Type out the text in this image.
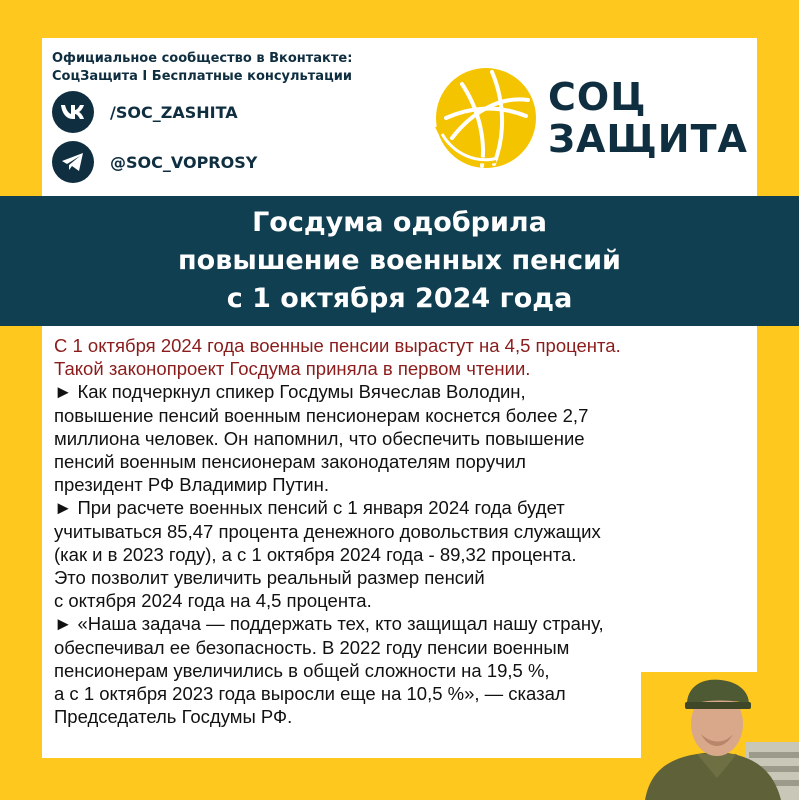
Официальное сообщество в Вконтакте:
СоцЗащита I Бесплатные консультации
/SOC_ZASHITA
@SOC_VOPROSY
СОЦ
ЗАЩИТА
Госдума одобрила
повышение военных пенсий
с 1 октября 2024 года

С 1 октября 2024 года военные пенсии вырастут на 4,5 процента.

Такой законопроект Госдума приняла в первом чтении.

► Как подчеркнул спикер Госдумы Вячеслав Володин,

повышение пенсий военным пенсионерам коснется более 2,7

миллиона человек. Он напомнил, что обеспечить повышение

пенсий военным пенсионерам законодателям поручил

президент РФ Владимир Путин.

► При расчете военных пенсий с 1 января 2024 года будет

учитываться 85,47 процента денежного довольствия служащих

(как и в 2023 году), а с 1 октября 2024 года - 89,32 процента.

Это позволит увеличить реальный размер пенсий

с октября 2024 года на 4,5 процента.

► «Наша задача — поддержать тех, кто защищал нашу страну,

обеспечивал ее безопасность. В 2022 году пенсии военным

пенсионерам увеличились в общей сложности на 19,5 %,

а с 1 октября 2023 года выросли еще на 10,5 %», — сказал

Председатель Госдумы РФ.
